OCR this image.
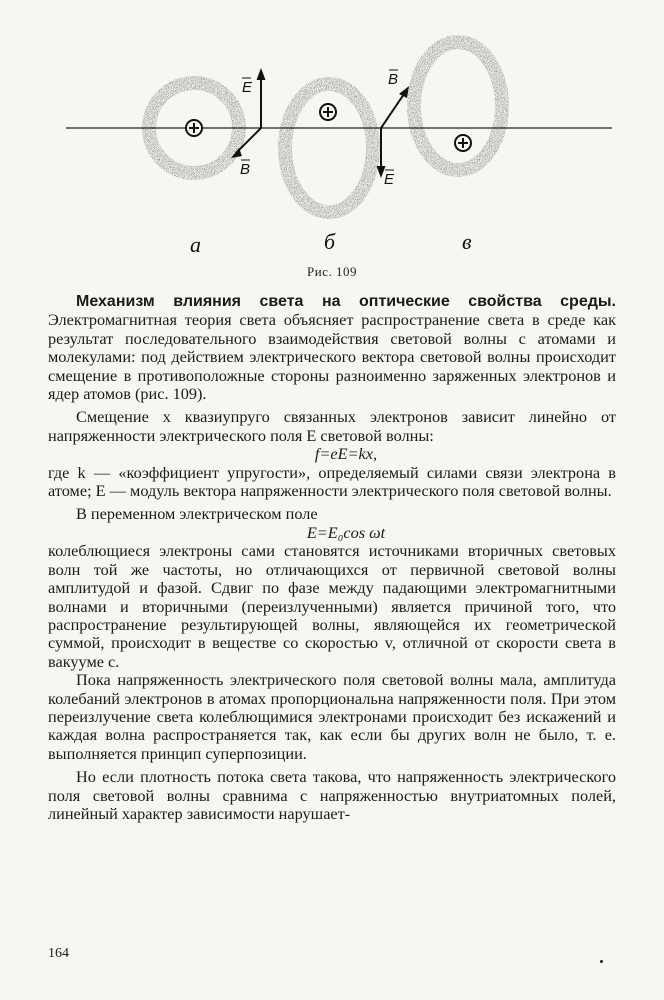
E
B
B
E
а	б	в
Рис. 109

Механизм влияния света на оптические свойства среды. Электромагнитная теория света объясняет распространение света в среде как результат последовательного взаимодействия световой волны с атомами и молекулами: под действием электрического вектора световой волны происходит смещение в противоположные стороны разноименно заряженных электронов и ядер атомов (рис. 109).

Смещение x квазиупруго связанных электронов зависит линейно от напряженности электрического поля E световой волны:

f=eE=kx,

где k — «коэффициент упругости», определяемый силами связи электрона в атоме; E — модуль вектора напряженности электрического поля световой волны.

В переменном электрическом поле

E=E₀cos ωt

колеблющиеся электроны сами становятся источниками вторичных световых волн той же частоты, но отличающихся от первичной световой волны амплитудой и фазой. Сдвиг по фазе между падающими электромагнитными волнами и вторичными (переизлученными) является причиной того, что распространение результирующей волны, являющейся их геометрической суммой, происходит в веществе со скоростью v, отличной от скорости света в вакууме c.

Пока напряженность электрического поля световой волны мала, амплитуда колебаний электронов в атомах пропорциональна напряженности поля. При этом переизлучение света колеблющимися электронами происходит без искажений и каждая волна распространяется так, как если бы других волн не было, т. е. выполняется принцип суперпозиции.

Но если плотность потока света такова, что напряженность электрического поля световой волны сравнима с напряженностью внутриатомных полей, линейный характер зависимости нарушает-

164
